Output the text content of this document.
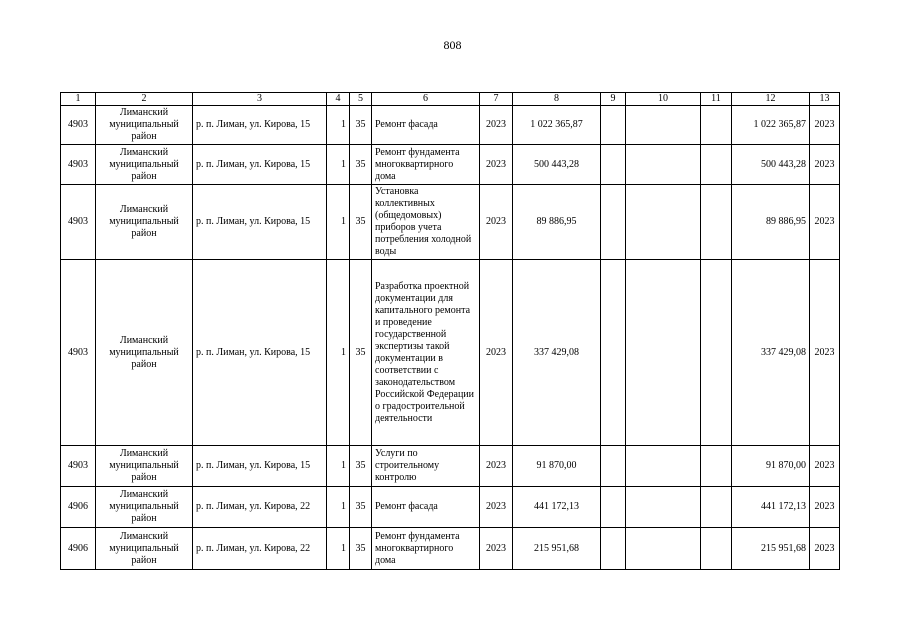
808
1	2	3	4	5	6	7	8	9	10	11	12	13
4903	Лиманский муниципальный район	р. п. Лиман, ул. Кирова, 15	1	35	Ремонт фасада	2023	1 022 365,87				1 022 365,87	2023
4903	Лиманский муниципальный район	р. п. Лиман, ул. Кирова, 15	1	35	Ремонт фундамента многоквартирного дома	2023	500 443,28				500 443,28	2023
4903	Лиманский муниципальный район	р. п. Лиман, ул. Кирова, 15	1	35	Установка коллективных (общедомовых) приборов учета потребления холодной воды	2023	89 886,95				89 886,95	2023
4903	Лиманский муниципальный район	р. п. Лиман, ул. Кирова, 15	1	35	Разработка проектной документации для капитального ремонта и проведение государственной экспертизы такой документации в соответствии с законодательством Российской Федерации о градостроительной деятельности	2023	337 429,08				337 429,08	2023
4903	Лиманский муниципальный район	р. п. Лиман, ул. Кирова, 15	1	35	Услуги по строительному контролю	2023	91 870,00				91 870,00	2023
4906	Лиманский муниципальный район	р. п. Лиман, ул. Кирова, 22	1	35	Ремонт фасада	2023	441 172,13				441 172,13	2023
4906	Лиманский муниципальный район	р. п. Лиман, ул. Кирова, 22	1	35	Ремонт фундамента многоквартирного дома	2023	215 951,68				215 951,68	2023
